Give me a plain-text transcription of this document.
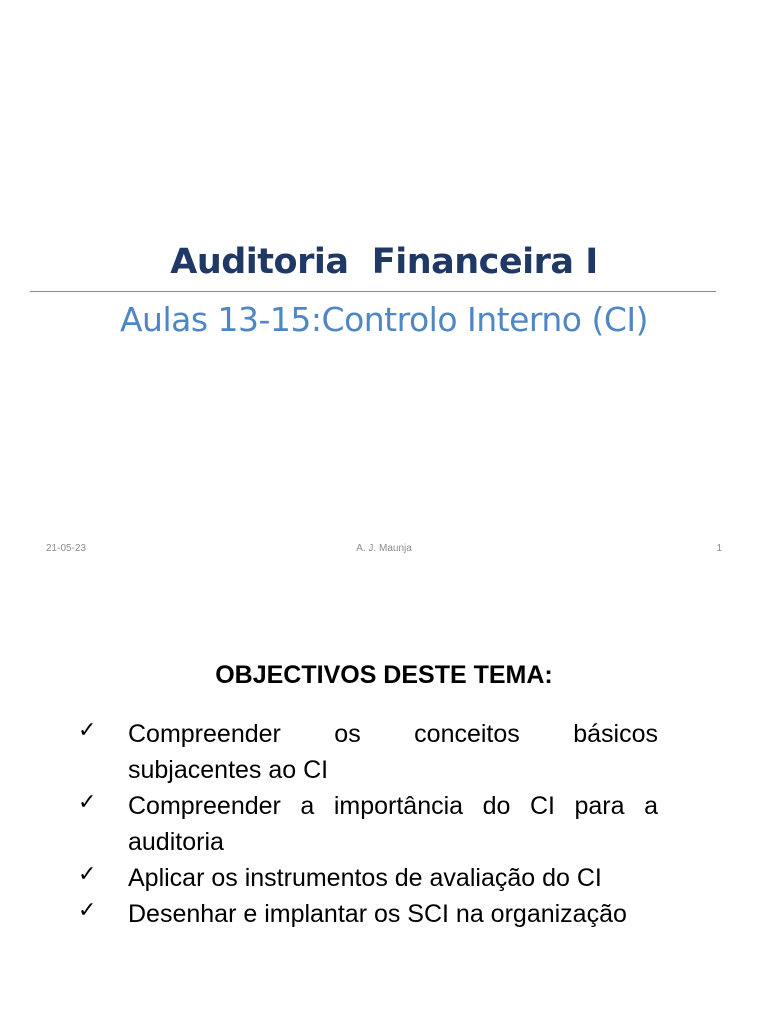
Auditoria  Financeira I
Aulas 13-15:Controlo Interno (CI)
21-05-23	A. J. Maunja	1
OBJECTIVOS DESTE TEMA:
✓ Compreender os conceitos básicos subjacentes ao CI
✓ Compreender a importância do CI para a auditoria
✓ Aplicar os instrumentos de avaliação do CI
✓ Desenhar e implantar os SCI na organização
